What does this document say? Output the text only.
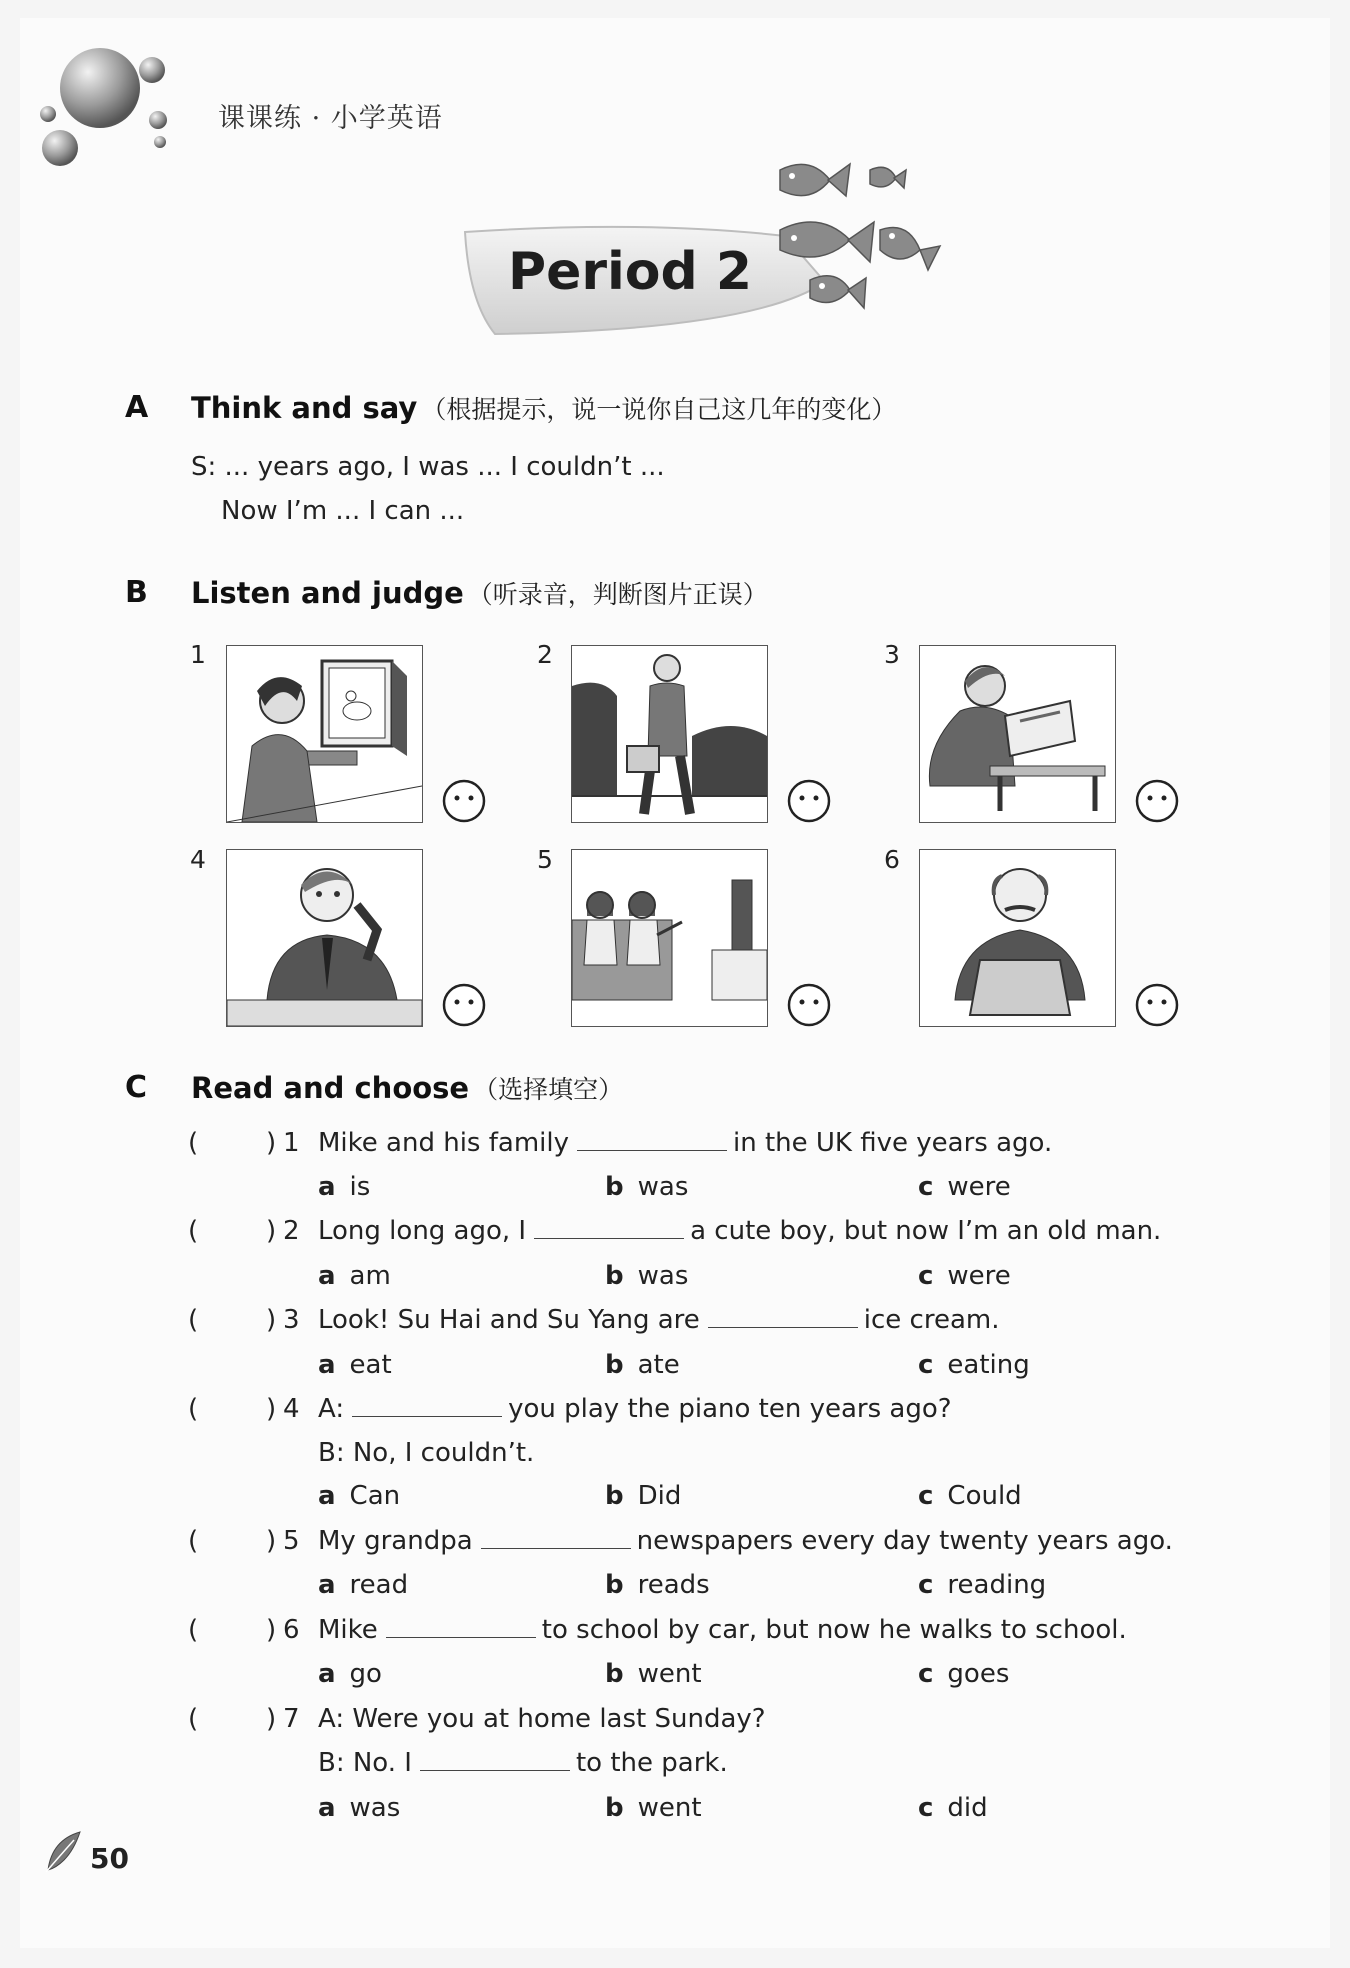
课课练 · 小学英语
Period 2
A Think and say （根据提示，说一说你自己这几年的变化）
S: ... years ago, I was ... I couldn’t ...
Now I’m ... I can ...
B Listen and judge （听录音，判断图片正误）
1	2	3
4	5	6
C Read and choose （选择填空）
(	) 1 Mike and his family	in the UK five years ago.
a is	b was	c were
(	) 2 Long long ago, I	a cute boy, but now I’m an old man.
a am	b was	c were
(	) 3 Look! Su Hai and Su Yang are	ice cream.
a eat	b ate	c eating
(	) 4 A:	you play the piano ten years ago?
B: No, I couldn’t.
a Can	b Did	c Could
(	) 5 My grandpa	newspapers every day twenty years ago.
a read	b reads	c reading
(	) 6 Mike	to school by car, but now he walks to school.
a go	b went	c goes
(	) 7 A: Were you at home last Sunday?
B: No. I	to the park.
a was	b went	c did
50
